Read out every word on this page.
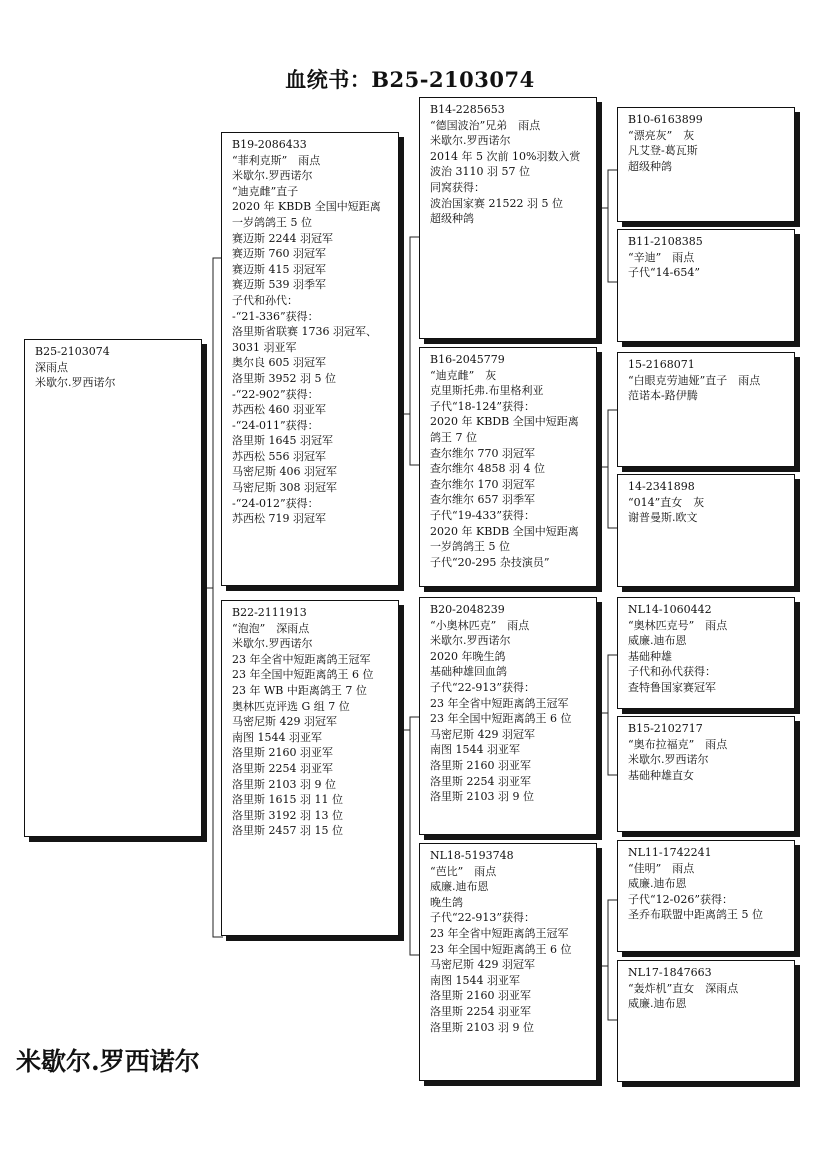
血统书：B25-2103074
B25-2103074
深雨点
米歇尔.罗西诺尔
B19-2086433
“菲利克斯”　雨点
米歇尔.罗西诺尔
“迪克雌”直子
2020 年 KBDB 全国中短距离
一岁鸽鸽王 5 位
赛迈斯 2244 羽冠军
赛迈斯 760 羽冠军
赛迈斯 415 羽冠军
赛迈斯 539 羽季军
子代和孙代：
-“21-336”获得：
洛里斯省联赛 1736 羽冠军、
3031 羽亚军
奥尔良 605 羽冠军
洛里斯 3952 羽 5 位
-“22-902”获得：
苏西松 460 羽亚军
-“24-011”获得：
洛里斯 1645 羽冠军
苏西松 556 羽冠军
马密尼斯 406 羽冠军
马密尼斯 308 羽冠军
-“24-012”获得：
苏西松 719 羽冠军
B22-2111913
“泡泡”　深雨点
米歇尔.罗西诺尔
23 年全省中短距离鸽王冠军
23 年全国中短距离鸽王 6 位
23 年 WB 中距离鸽王 7 位
奥林匹克评选 G 组 7 位
马密尼斯 429 羽冠军
南图 1544 羽亚军
洛里斯 2160 羽亚军
洛里斯 2254 羽亚军
洛里斯 2103 羽 9 位
洛里斯 1615 羽 11 位
洛里斯 3192 羽 13 位
洛里斯 2457 羽 15 位
B14-2285653
“德国波治”兄弟　雨点
米歇尔.罗西诺尔
2014 年 5 次前 10%羽数入赏
波治 3110 羽 57 位
同窝获得：
波治国家赛 21522 羽 5 位
超级种鸽
B16-2045779
“迪克雌”　灰
克里斯托弗.布里格利亚
子代“18-124”获得：
2020 年 KBDB 全国中短距离
鸽王 7 位
查尔维尔 770 羽冠军
查尔维尔 4858 羽 4 位
查尔维尔 170 羽冠军
查尔维尔 657 羽季军
子代“19-433”获得：
2020 年 KBDB 全国中短距离
一岁鸽鸽王 5 位
子代“20-295 杂技演员”
B20-2048239
“小奥林匹克”　雨点
米歇尔.罗西诺尔
2020 年晚生鸽
基础种雄回血鸽
子代“22-913”获得：
23 年全省中短距离鸽王冠军
23 年全国中短距离鸽王 6 位
马密尼斯 429 羽冠军
南图 1544 羽亚军
洛里斯 2160 羽亚军
洛里斯 2254 羽亚军
洛里斯 2103 羽 9 位
NL18-5193748
“芭比”　雨点
威廉.迪布恩
晚生鸽
子代“22-913”获得：
23 年全省中短距离鸽王冠军
23 年全国中短距离鸽王 6 位
马密尼斯 429 羽冠军
南图 1544 羽亚军
洛里斯 2160 羽亚军
洛里斯 2254 羽亚军
洛里斯 2103 羽 9 位
B10-6163899
“漂亮灰”　灰
凡艾登-葛瓦斯
超级种鸽
B11-2108385
“辛迪”　雨点
子代“14-654”
15-2168071
“白眼克劳迪娅”直子　雨点
范诺本-路伊腾
14-2341898
“014”直女　灰
谢普曼斯.欧文
NL14-1060442
“奥林匹克号”　雨点
威廉.迪布恩
基础种雄
子代和孙代获得：
查特鲁国家赛冠军
B15-2102717
“奥布拉福克”　雨点
米歇尔.罗西诺尔
基础种雄直女
NL11-1742241
“佳明”　雨点
威廉.迪布恩
子代“12-026”获得：
圣乔布联盟中距离鸽王 5 位
NL17-1847663
“轰炸机”直女　深雨点
威廉.迪布恩
米歇尔.罗西诺尔
